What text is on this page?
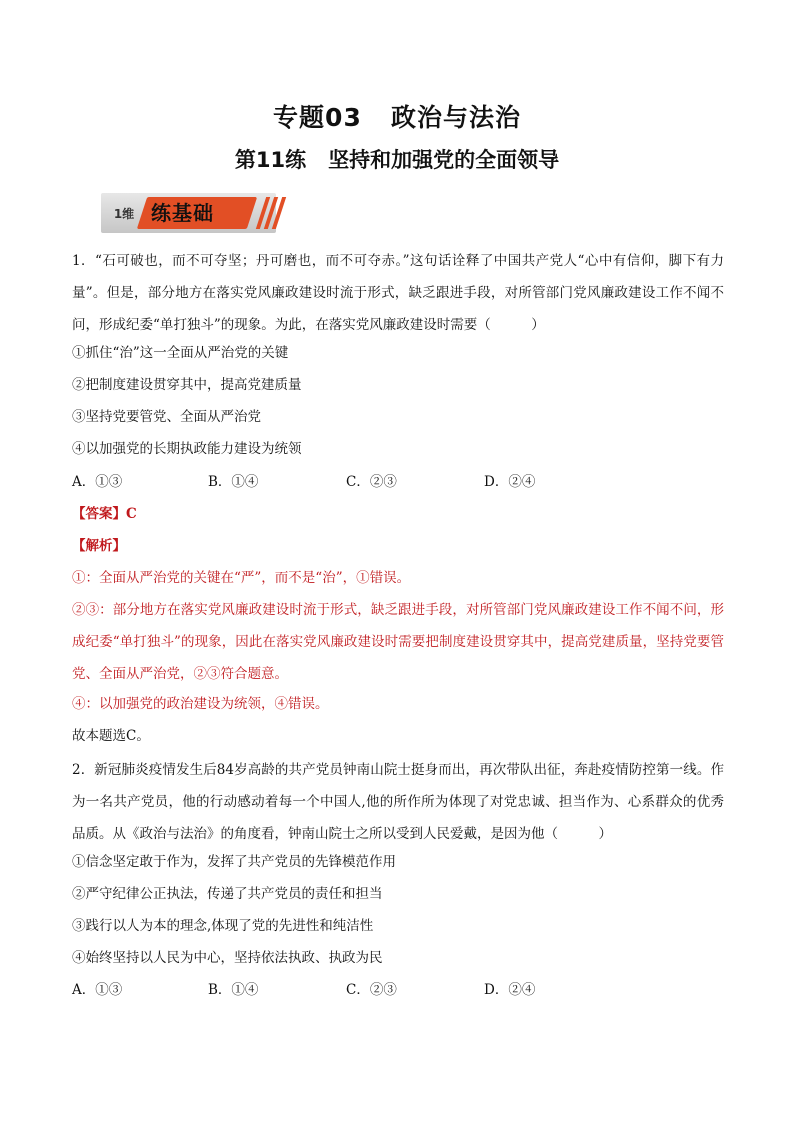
专题03   政治与法治
第11练   坚持和加强党的全面领导
1维 练基础
1．“石可破也，而不可夺坚；丹可磨也，而不可夺赤。”这句话诠释了中国共产党人“心中有信仰，脚下有力量”。但是，部分地方在落实党风廉政建设时流于形式，缺乏跟进手段，对所管部门党风廉政建设工作不闻不问，形成纪委“单打独斗”的现象。为此，在落实党风廉政建设时需要（　　　）
①抓住“治”这一全面从严治党的关键
②把制度建设贯穿其中，提高党建质量
③坚持党要管党、全面从严治党
④以加强党的长期执政能力建设为统领
A．①③	B．①④	C．②③	D．②④
【答案】C
【解析】
①：全面从严治党的关键在“严”，而不是“治”，①错误。
②③：部分地方在落实党风廉政建设时流于形式，缺乏跟进手段，对所管部门党风廉政建设工作不闻不问，形成纪委“单打独斗”的现象，因此在落实党风廉政建设时需要把制度建设贯穿其中，提高党建质量，坚持党要管党、全面从严治党，②③符合题意。
④：以加强党的政治建设为统领，④错误。
故本题选C。
2．新冠肺炎疫情发生后84岁高龄的共产党员钟南山院士挺身而出，再次带队出征，奔赴疫情防控第一线。作为一名共产党员，他的行动感动着每一个中国人,他的所作所为体现了对党忠诚、担当作为、心系群众的优秀品质。从《政治与法治》的角度看，钟南山院士之所以受到人民爱戴，是因为他（　　　）
①信念坚定敢于作为，发挥了共产党员的先锋模范作用
②严守纪律公正执法，传递了共产党员的责任和担当
③践行以人为本的理念,体现了党的先进性和纯洁性
④始终坚持以人民为中心，坚持依法执政、执政为民
A．①③	B．①④	C．②③	D．②④
